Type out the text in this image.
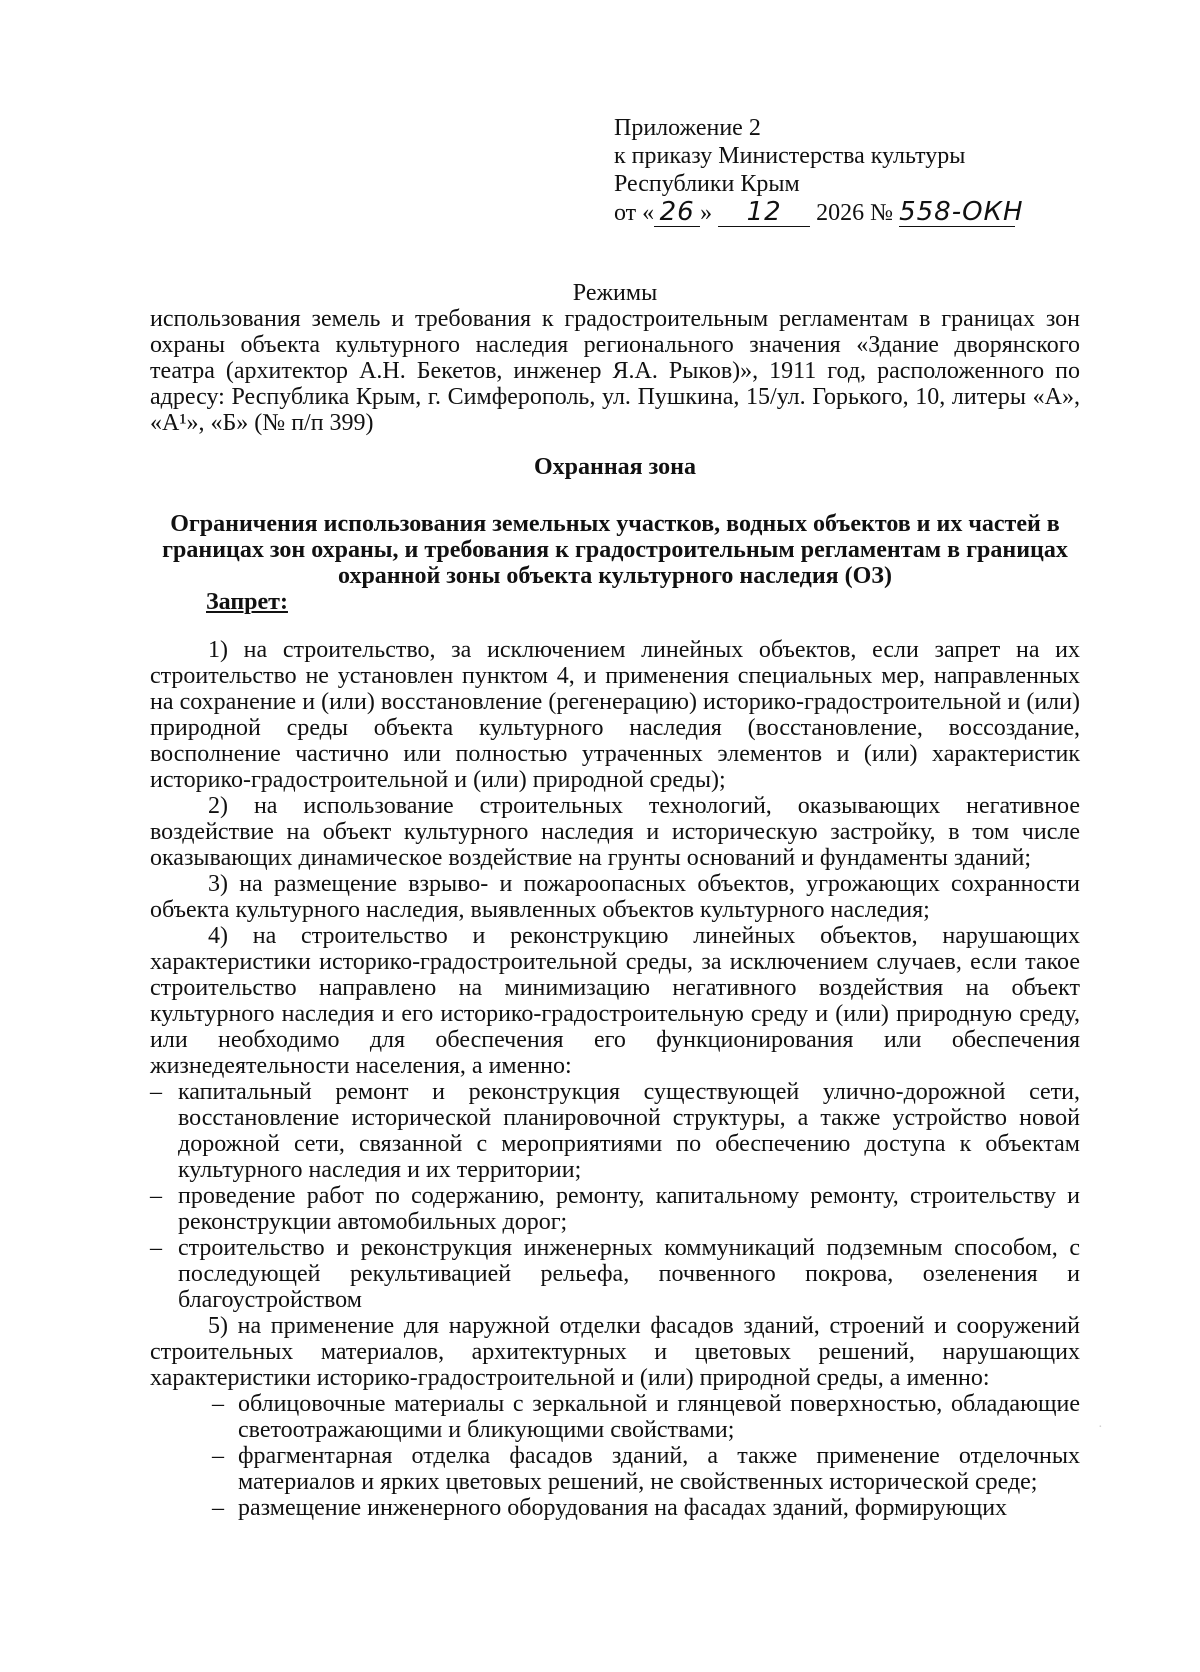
Приложение 2
к приказу Министерства культуры
Республики Крым
от « 26 » 12 2026 № 558-ОКН

Режимы

использования земель и требования к градостроительным регламентам в границах зон охраны объекта культурного наследия регионального значения «Здание дворянского театра (архитектор А.Н. Бекетов, инженер Я.А. Рыков)», 1911 год, расположенного по адресу: Республика Крым, г. Симферополь, ул. Пушкина, 15/ул. Горького, 10, литеры «А», «А¹», «Б» (№ п/п 399)

Охранная зона

Ограничения использования земельных участков, водных объектов и их частей в границах зон охраны, и требования к градостроительным регламентам в границах охранной зоны объекта культурного наследия (ОЗ)

Запрет:

1) на строительство, за исключением линейных объектов, если запрет на их строительство не установлен пунктом 4, и применения специальных мер, направленных на сохранение и (или) восстановление (регенерацию) историко-градостроительной и (или) природной среды объекта культурного наследия (восстановление, воссоздание, восполнение частично или полностью утраченных элементов и (или) характеристик историко-градостроительной и (или) природной среды);

2) на использование строительных технологий, оказывающих негативное воздействие на объект культурного наследия и историческую застройку, в том числе оказывающих динамическое воздействие на грунты оснований и фундаменты зданий;

3) на размещение взрыво- и пожароопасных объектов, угрожающих сохранности объекта культурного наследия, выявленных объектов культурного наследия;

4) на строительство и реконструкцию линейных объектов, нарушающих характеристики историко-градостроительной среды, за исключением случаев, если такое строительство направлено на минимизацию негативного воздействия на объект культурного наследия и его историко-градостроительную среду и (или) природную среду, или необходимо для обеспечения его функционирования или обеспечения жизнедеятельности населения, а именно:

– капитальный ремонт и реконструкция существующей улично-дорожной сети, восстановление исторической планировочной структуры, а также устройство новой дорожной сети, связанной с мероприятиями по обеспечению доступа к объектам культурного наследия и их территории;
– проведение работ по содержанию, ремонту, капитальному ремонту, строительству и реконструкции автомобильных дорог;
– строительство и реконструкция инженерных коммуникаций подземным способом, с последующей рекультивацией рельефа, почвенного покрова, озеленения и благоустройством

5) на применение для наружной отделки фасадов зданий, строений и сооружений строительных материалов, архитектурных и цветовых решений, нарушающих характеристики историко-градостроительной и (или) природной среды, а именно:

– облицовочные материалы с зеркальной и глянцевой поверхностью, обладающие светоотражающими и бликующими свойствами;
– фрагментарная отделка фасадов зданий, а также применение отделочных материалов и ярких цветовых решений, не свойственных исторической среде;
– размещение инженерного оборудования на фасадах зданий, формирующих
·
